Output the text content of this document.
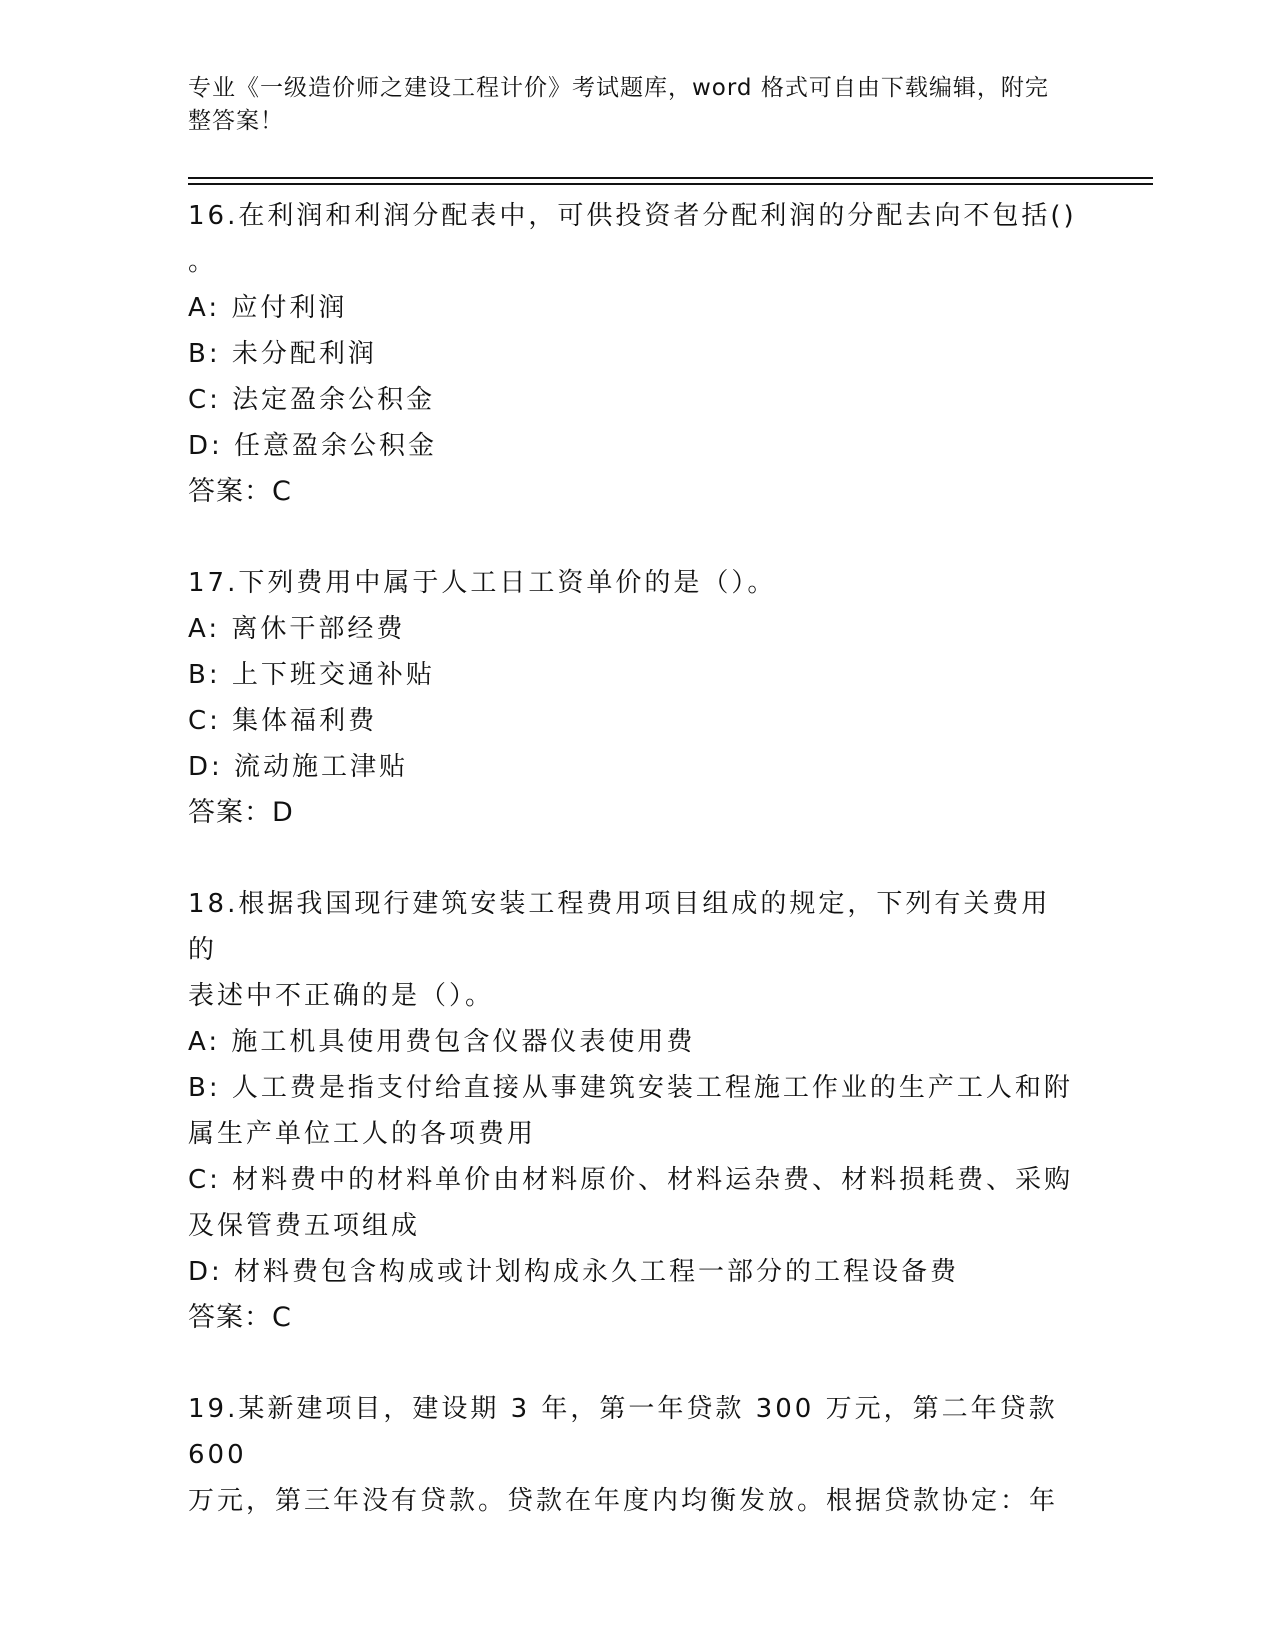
专业《一级造价师之建设工程计价》考试题库，word 格式可自由下载编辑，附完
整答案！
16.在利润和利润分配表中，可供投资者分配利润的分配去向不包括()
。
A: 应付利润
B: 未分配利润
C: 法定盈余公积金
D: 任意盈余公积金
答案：C
17.下列费用中属于人工日工资单价的是（）。
A: 离休干部经费
B: 上下班交通补贴
C: 集体福利费
D: 流动施工津贴
答案：D
18.根据我国现行建筑安装工程费用项目组成的规定，下列有关费用的
表述中不正确的是（）。
A: 施工机具使用费包含仪器仪表使用费
B: 人工费是指支付给直接从事建筑安装工程施工作业的生产工人和附
属生产单位工人的各项费用
C: 材料费中的材料单价由材料原价、材料运杂费、材料损耗费、采购
及保管费五项组成
D: 材料费包含构成或计划构成永久工程一部分的工程设备费
答案：C
19.某新建项目，建设期 3 年，第一年贷款 300 万元，第二年贷款 600
万元，第三年没有贷款。贷款在年度内均衡发放。根据贷款协定：年
